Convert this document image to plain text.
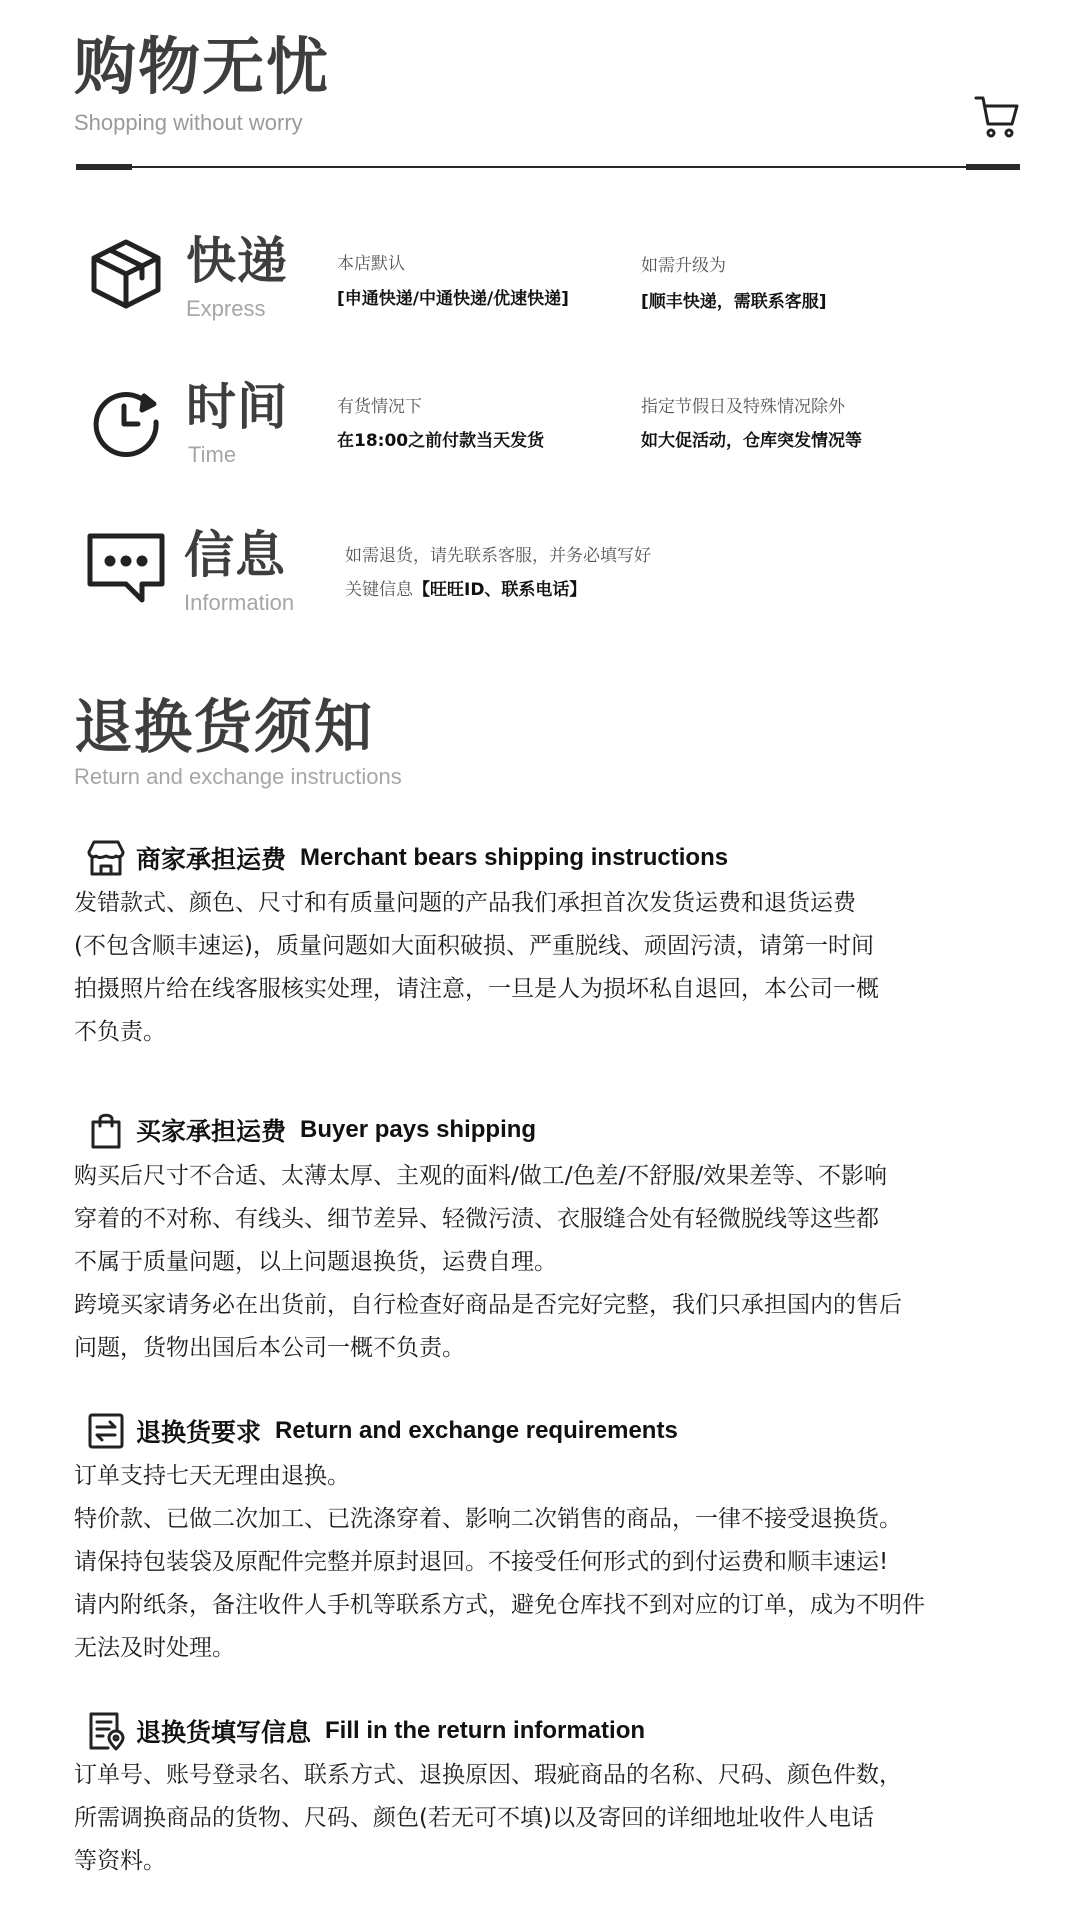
购物无忧
Shopping without worry
快递
Express
本店默认
[申通快递/中通快递/优速快递]
如需升级为
[顺丰快递，需联系客服]
时间
Time
有货情况下
在18:00之前付款当天发货
指定节假日及特殊情况除外
如大促活动，仓库突发情况等
信息
Information
如需退货，请先联系客服，并务必填写好
关键信息【旺旺ID、联系电话】
退换货须知
Return and exchange instructions
商家承担运费 Merchant bears shipping instructions

发错款式、颜色、尺寸和有质量问题的产品我们承担首次发货运费和退货运费

(不包含顺丰速运)，质量问题如大面积破损、严重脱线、顽固污渍，请第一时间

拍摄照片给在线客服核实处理，请注意，一旦是人为损坏私自退回，本公司一概

不负责。

买家承担运费 Buyer pays shipping

购买后尺寸不合适、太薄太厚、主观的面料/做工/色差/不舒服/效果差等、不影响

穿着的不对称、有线头、细节差异、轻微污渍、衣服缝合处有轻微脱线等这些都

不属于质量问题，以上问题退换货，运费自理。

跨境买家请务必在出货前，自行检查好商品是否完好完整，我们只承担国内的售后

问题，货物出国后本公司一概不负责。

退换货要求 Return and exchange requirements

订单支持七天无理由退换。

特价款、已做二次加工、已洗涤穿着、影响二次销售的商品，一律不接受退换货。

请保持包装袋及原配件完整并原封退回。不接受任何形式的到付运费和顺丰速运!

请内附纸条，备注收件人手机等联系方式，避免仓库找不到对应的订单，成为不明件

无法及时处理。

退换货填写信息 Fill in the return information

订单号、账号登录名、联系方式、退换原因、瑕疵商品的名称、尺码、颜色件数，

所需调换商品的货物、尺码、颜色(若无可不填)以及寄回的详细地址收件人电话

等资料。
